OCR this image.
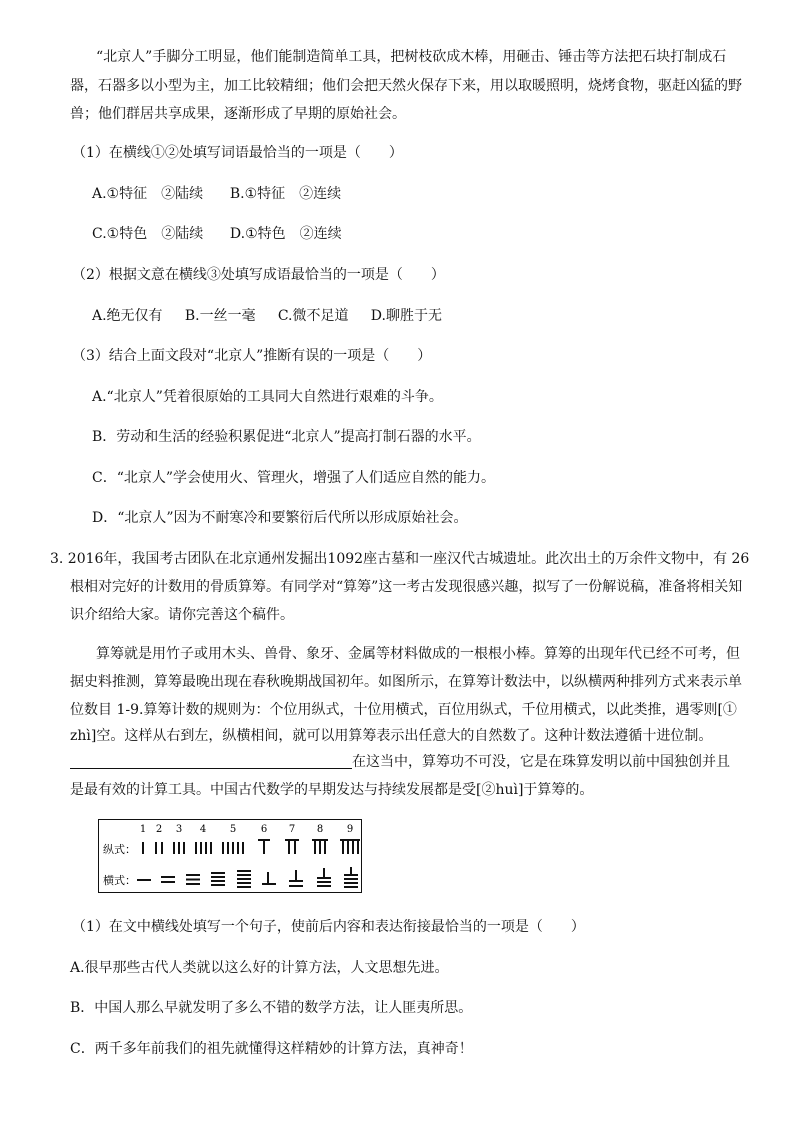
“北京人”手脚分工明显，他们能制造简单工具，把树枝砍成木棒，用砸击、锤击等方法把石块打制成石
器，石器多以小型为主，加工比较精细；他们会把天然火保存下来，用以取暖照明，烧烤食物，驱赶凶猛的野
兽；他们群居共享成果，逐渐形成了早期的原始社会。
（1）在横线①②处填写词语最恰当的一项是（　　）
A.①特征　②陆续 B.①特征　②连续
C.①特色　②陆续 D.①特色　②连续
（2）根据文意在横线③处填写成语最恰当的一项是（　　）
A.绝无仅有 B.一丝一毫 C.微不足道 D.聊胜于无
（3）结合上面文段对“北京人”推断有误的一项是（　　）
A.“北京人”凭着很原始的工具同大自然进行艰难的斗争。
B．劳动和生活的经验积累促进“北京人”提高打制石器的水平。
C．“北京人”学会使用火、管理火，增强了人们适应自然的能力。
D．“北京人”因为不耐寒冷和要繁衍后代所以形成原始社会。
3. 2016年，我国考古团队在北京通州发掘出1092座古墓和一座汉代古城遗址。此次出土的万余件文物中，有 26
根相对完好的计数用的骨质算筹。有同学对“算筹”这一考古发现很感兴趣，拟写了一份解说稿，准备将相关知
识介绍给大家。请你完善这个稿件。
算筹就是用竹子或用木头、兽骨、象牙、金属等材料做成的一根根小棒。算筹的出现年代已经不可考，但
据史料推测，算筹最晚出现在春秋晚期战国初年。如图所示，在算筹计数法中，以纵横两种排列方式来表示单
位数目 1-9.算筹计数的规则为：个位用纵式，十位用横式，百位用纵式，千位用横式，以此类推，遇零则[①
zhì]空。这样从右到左，纵横相间，就可以用算筹表示出任意大的自然数了。这种计数法遵循十进位制。
在这当中，算筹功不可没，它是在珠算发明以前中国独创并且
是最有效的计算工具。中国古代数学的早期发达与持续发展都是受[②huì]于算筹的。
1 2 3 4 5 6 7 8 9
纵式：
横式：
（1）在文中横线处填写一个句子，使前后内容和表达衔接最恰当的一项是（　　）
A.很早那些古代人类就以这么好的计算方法，人文思想先进。
B．中国人那么早就发明了多么不错的数学方法，让人匪夷所思。
C．两千多年前我们的祖先就懂得这样精妙的计算方法，真神奇！
